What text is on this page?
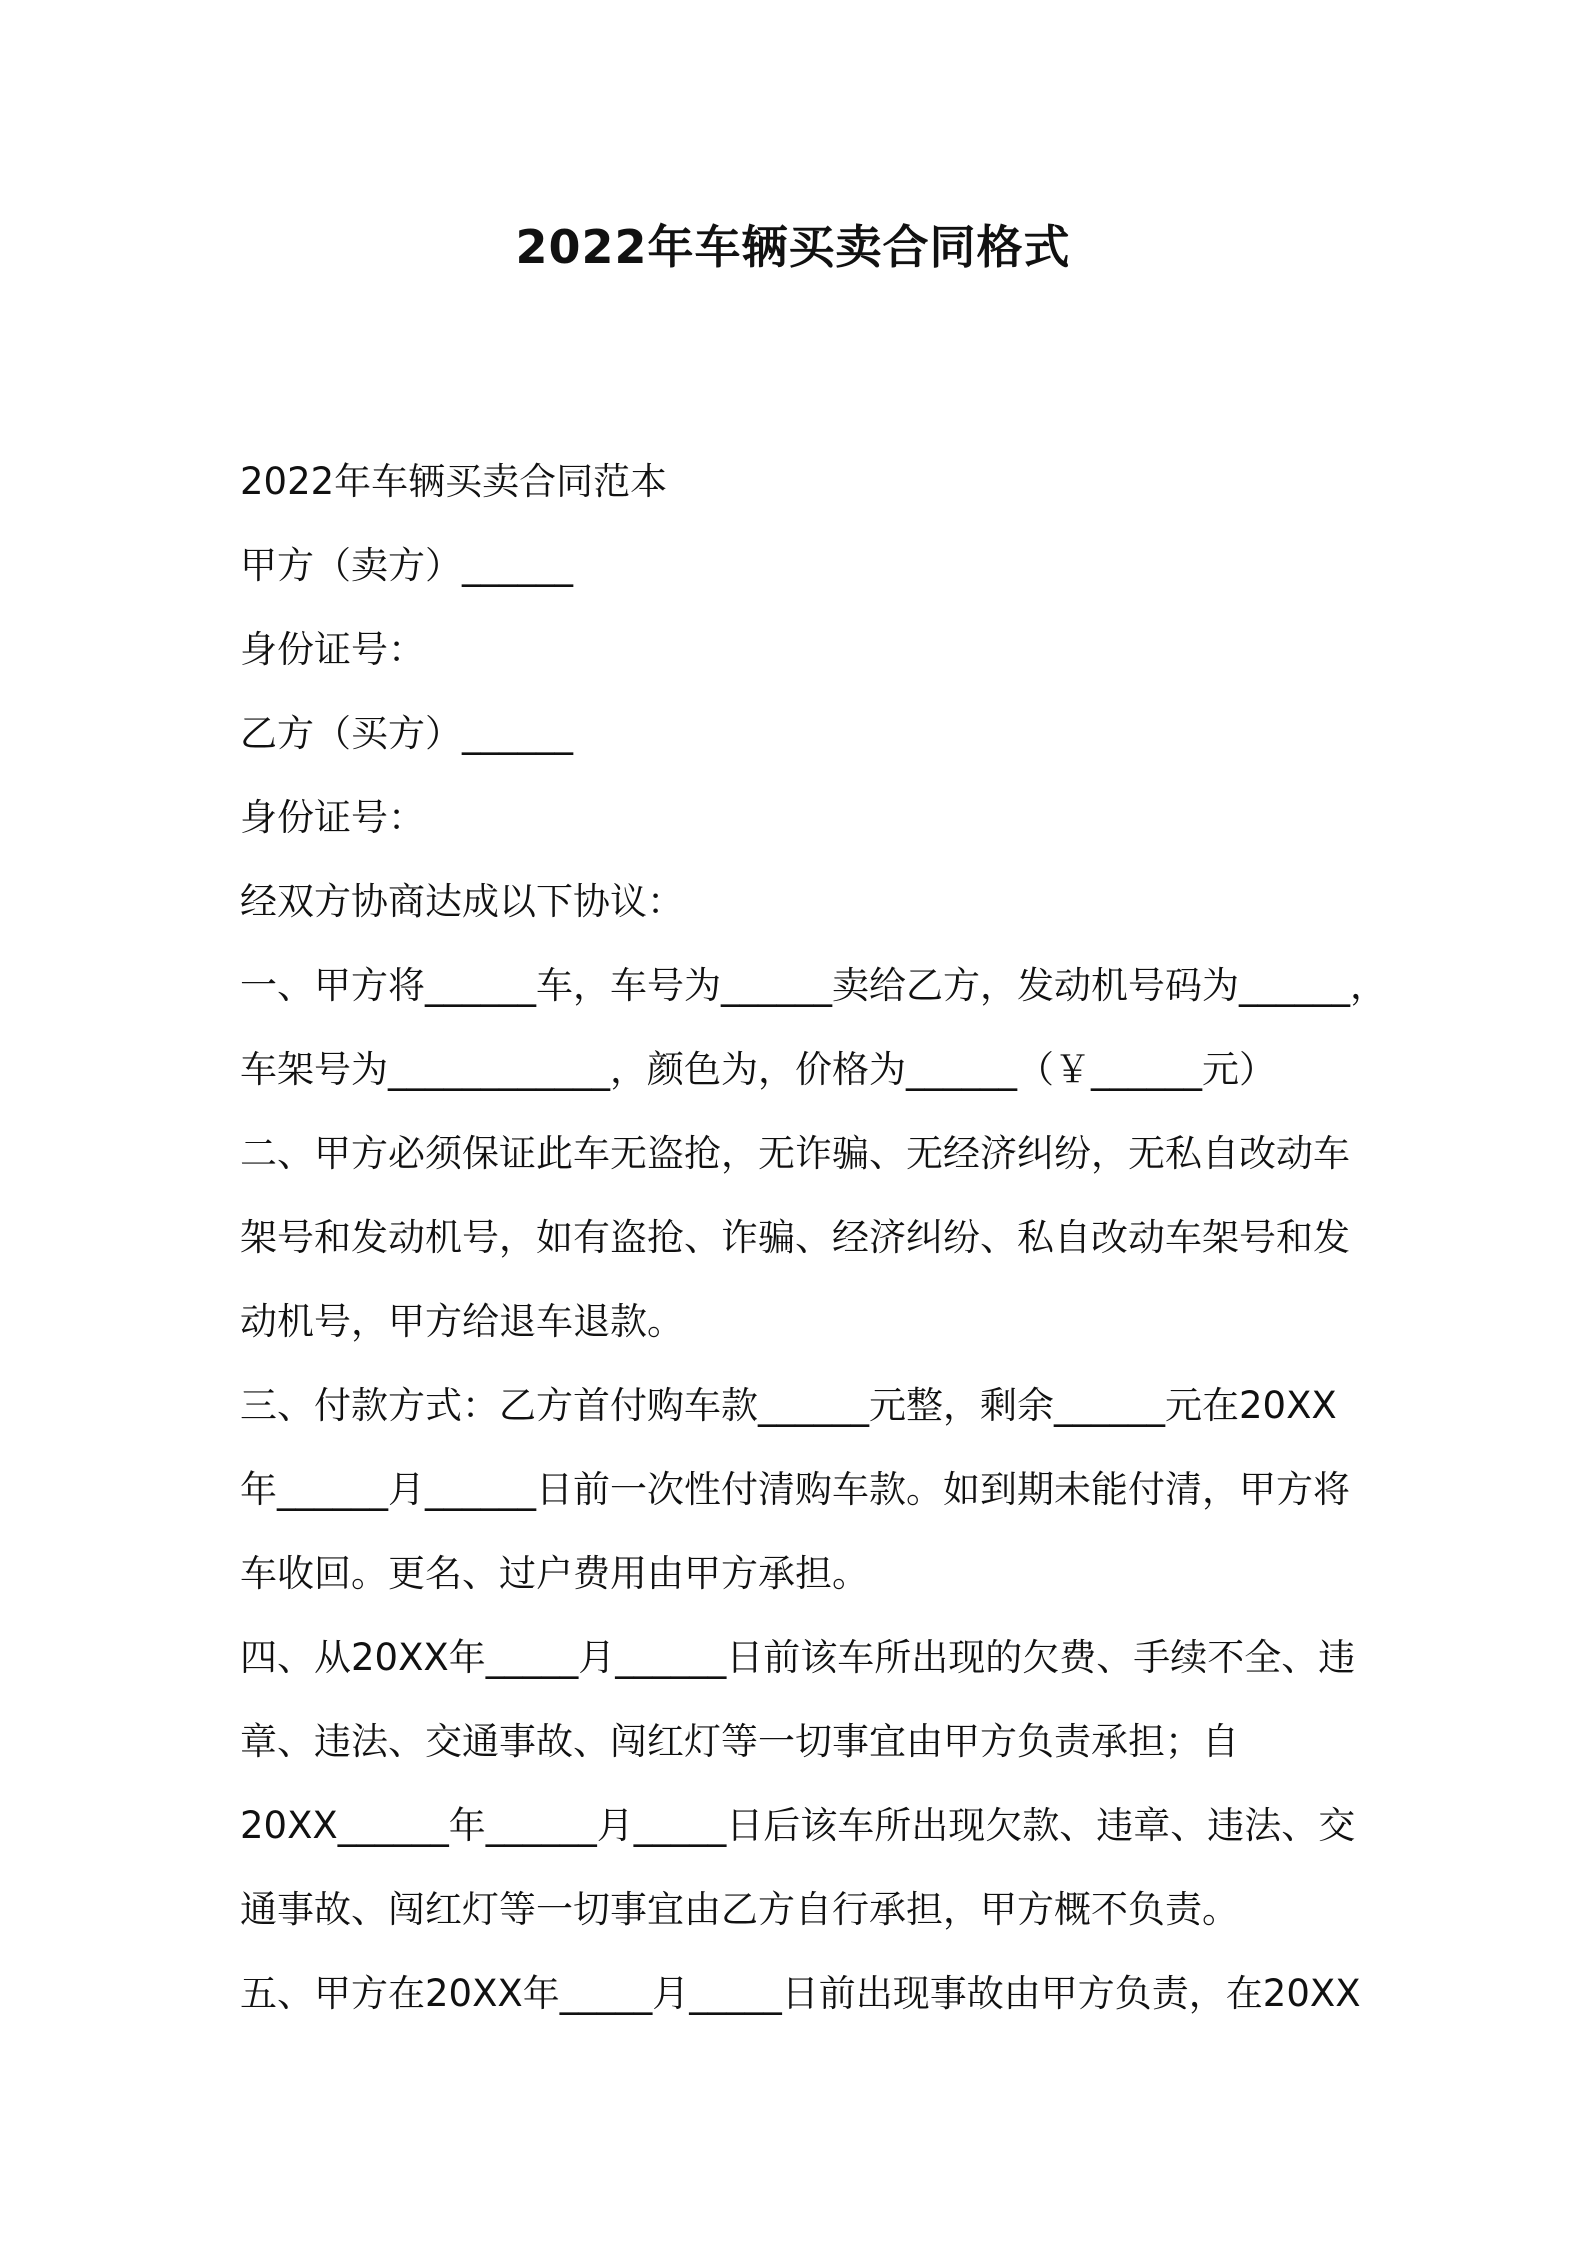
2022年车辆买卖合同格式
2022年车辆买卖合同范本
甲方（卖方）______
身份证号：
乙方（买方）______
身份证号：
经双方协商达成以下协议：
一、甲方将______车，车号为______卖给乙方，发动机号码为______，
车架号为____________，颜色为，价格为______（￥______元）
二、甲方必须保证此车无盗抢，无诈骗、无经济纠纷，无私自改动车
架号和发动机号，如有盗抢、诈骗、经济纠纷、私自改动车架号和发
动机号，甲方给退车退款。
三、付款方式：乙方首付购车款______元整，剩余______元在20XX
年______月______日前一次性付清购车款。如到期未能付清，甲方将
车收回。更名、过户费用由甲方承担。
四、从20XX年_____月______日前该车所出现的欠费、手续不全、违
章、违法、交通事故、闯红灯等一切事宜由甲方负责承担；自
20XX______年______月_____日后该车所出现欠款、违章、违法、交
通事故、闯红灯等一切事宜由乙方自行承担，甲方概不负责。
五、甲方在20XX年_____月_____日前出现事故由甲方负责，在20XX
